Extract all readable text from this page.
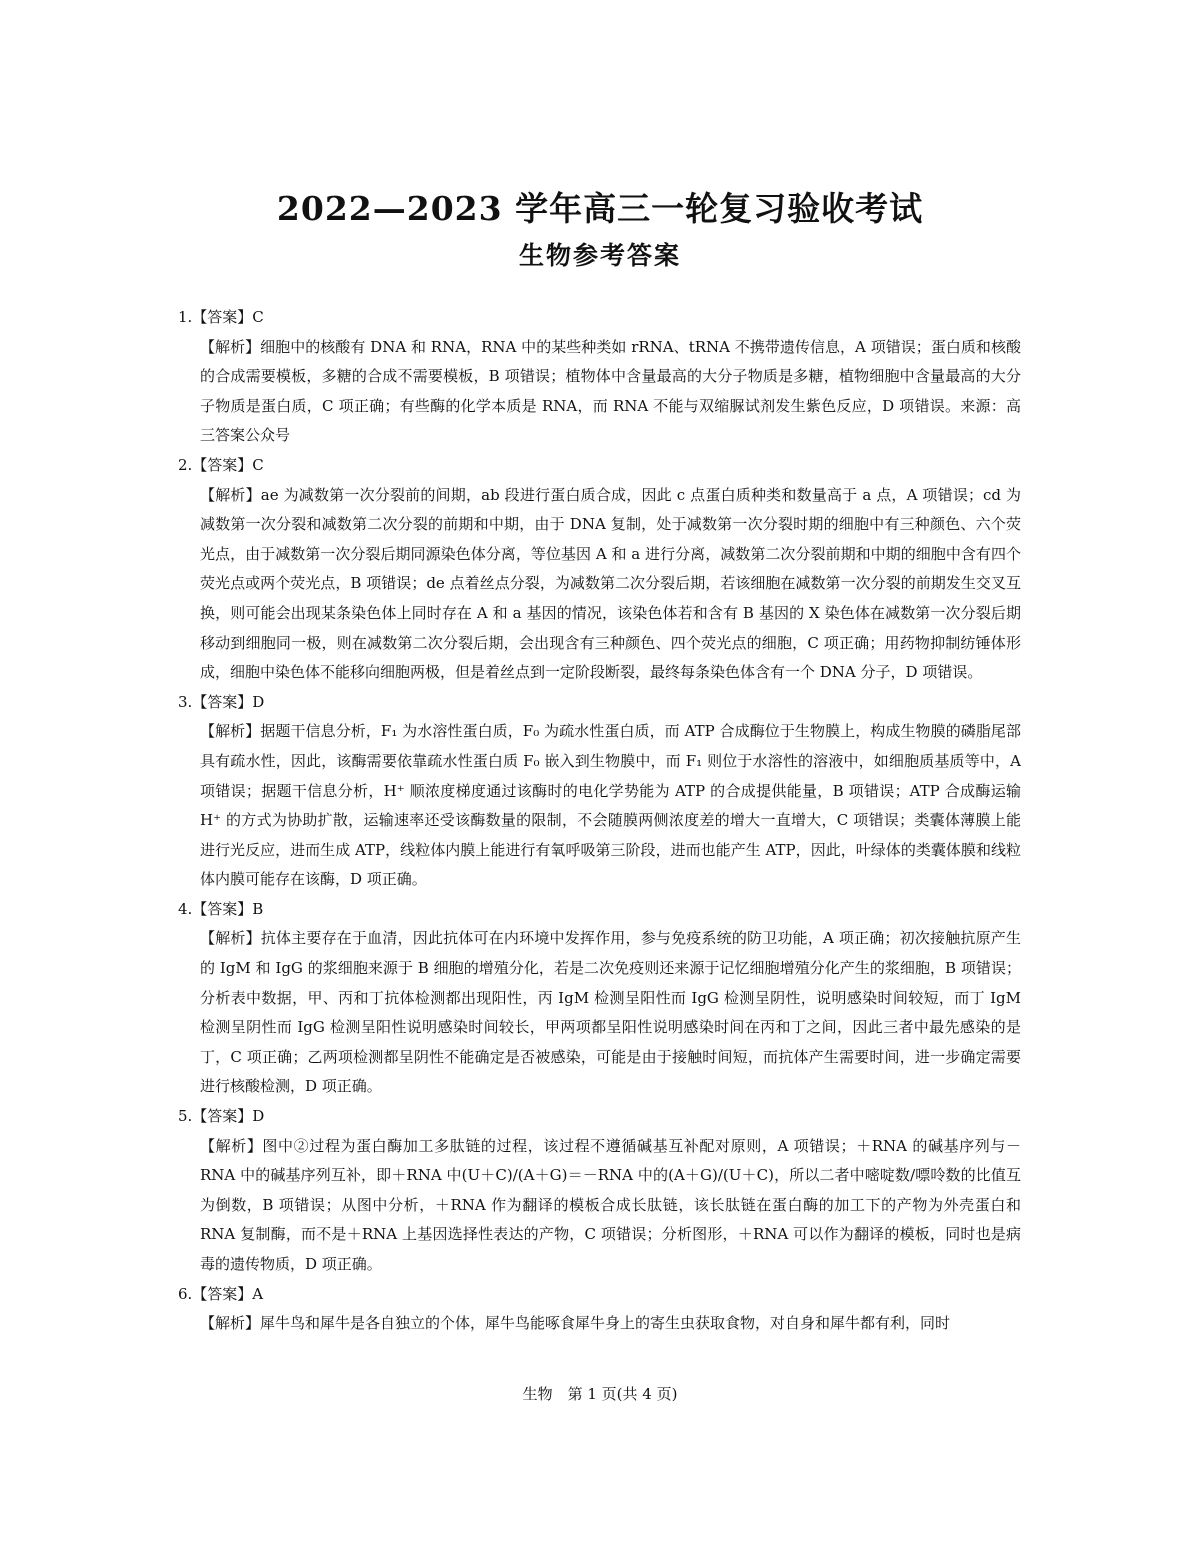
2022—2023 学年高三一轮复习验收考试
生物参考答案
1.【答案】C
【解析】细胞中的核酸有 DNA 和 RNA，RNA 中的某些种类如 rRNA、tRNA 不携带遗传信息，A 项错误；蛋白质和核酸的合成需要模板，多糖的合成不需要模板，B 项错误；植物体中含量最高的大分子物质是多糖，植物细胞中含量最高的大分子物质是蛋白质，C 项正确；有些酶的化学本质是 RNA，而 RNA 不能与双缩脲试剂发生紫色反应，D 项错误。来源：高三答案公众号
2.【答案】C
【解析】ae 为减数第一次分裂前的间期，ab 段进行蛋白质合成，因此 c 点蛋白质种类和数量高于 a 点，A 项错误；cd 为减数第一次分裂和减数第二次分裂的前期和中期，由于 DNA 复制，处于减数第一次分裂时期的细胞中有三种颜色、六个荧光点，由于减数第一次分裂后期同源染色体分离，等位基因 A 和 a 进行分离，减数第二次分裂前期和中期的细胞中含有四个荧光点或两个荧光点，B 项错误；de 点着丝点分裂，为减数第二次分裂后期，若该细胞在减数第一次分裂的前期发生交叉互换，则可能会出现某条染色体上同时存在 A 和 a 基因的情况，该染色体若和含有 B 基因的 X 染色体在减数第一次分裂后期移动到细胞同一极，则在减数第二次分裂后期，会出现含有三种颜色、四个荧光点的细胞，C 项正确；用药物抑制纺锤体形成，细胞中染色体不能移向细胞两极，但是着丝点到一定阶段断裂，最终每条染色体含有一个 DNA 分子，D 项错误。
3.【答案】D
【解析】据题干信息分析，F₁ 为水溶性蛋白质，F₀ 为疏水性蛋白质，而 ATP 合成酶位于生物膜上，构成生物膜的磷脂尾部具有疏水性，因此，该酶需要依靠疏水性蛋白质 F₀ 嵌入到生物膜中，而 F₁ 则位于水溶性的溶液中，如细胞质基质等中，A 项错误；据题干信息分析，H⁺ 顺浓度梯度通过该酶时的电化学势能为 ATP 的合成提供能量，B 项错误；ATP 合成酶运输 H⁺ 的方式为协助扩散，运输速率还受该酶数量的限制，不会随膜两侧浓度差的增大一直增大，C 项错误；类囊体薄膜上能进行光反应，进而生成 ATP，线粒体内膜上能进行有氧呼吸第三阶段，进而也能产生 ATP，因此，叶绿体的类囊体膜和线粒体内膜可能存在该酶，D 项正确。
4.【答案】B
【解析】抗体主要存在于血清，因此抗体可在内环境中发挥作用，参与免疫系统的防卫功能，A 项正确；初次接触抗原产生的 IgM 和 IgG 的浆细胞来源于 B 细胞的增殖分化，若是二次免疫则还来源于记忆细胞增殖分化产生的浆细胞，B 项错误；分析表中数据，甲、丙和丁抗体检测都出现阳性，丙 IgM 检测呈阳性而 IgG 检测呈阴性，说明感染时间较短，而丁 IgM 检测呈阴性而 IgG 检测呈阳性说明感染时间较长，甲两项都呈阳性说明感染时间在丙和丁之间，因此三者中最先感染的是丁，C 项正确；乙两项检测都呈阴性不能确定是否被感染，可能是由于接触时间短，而抗体产生需要时间，进一步确定需要进行核酸检测，D 项正确。
5.【答案】D
【解析】图中②过程为蛋白酶加工多肽链的过程，该过程不遵循碱基互补配对原则，A 项错误；＋RNA 的碱基序列与－RNA 中的碱基序列互补，即＋RNA 中(U＋C)/(A＋G)＝－RNA 中的(A＋G)/(U＋C)，所以二者中嘧啶数/嘌呤数的比值互为倒数，B 项错误；从图中分析，＋RNA 作为翻译的模板合成长肽链，该长肽链在蛋白酶的加工下的产物为外壳蛋白和 RNA 复制酶，而不是＋RNA 上基因选择性表达的产物，C 项错误；分析图形，＋RNA 可以作为翻译的模板，同时也是病毒的遗传物质，D 项正确。
6.【答案】A
【解析】犀牛鸟和犀牛是各自独立的个体，犀牛鸟能啄食犀牛身上的寄生虫获取食物，对自身和犀牛都有利，同时
生物　第 1 页(共 4 页)
